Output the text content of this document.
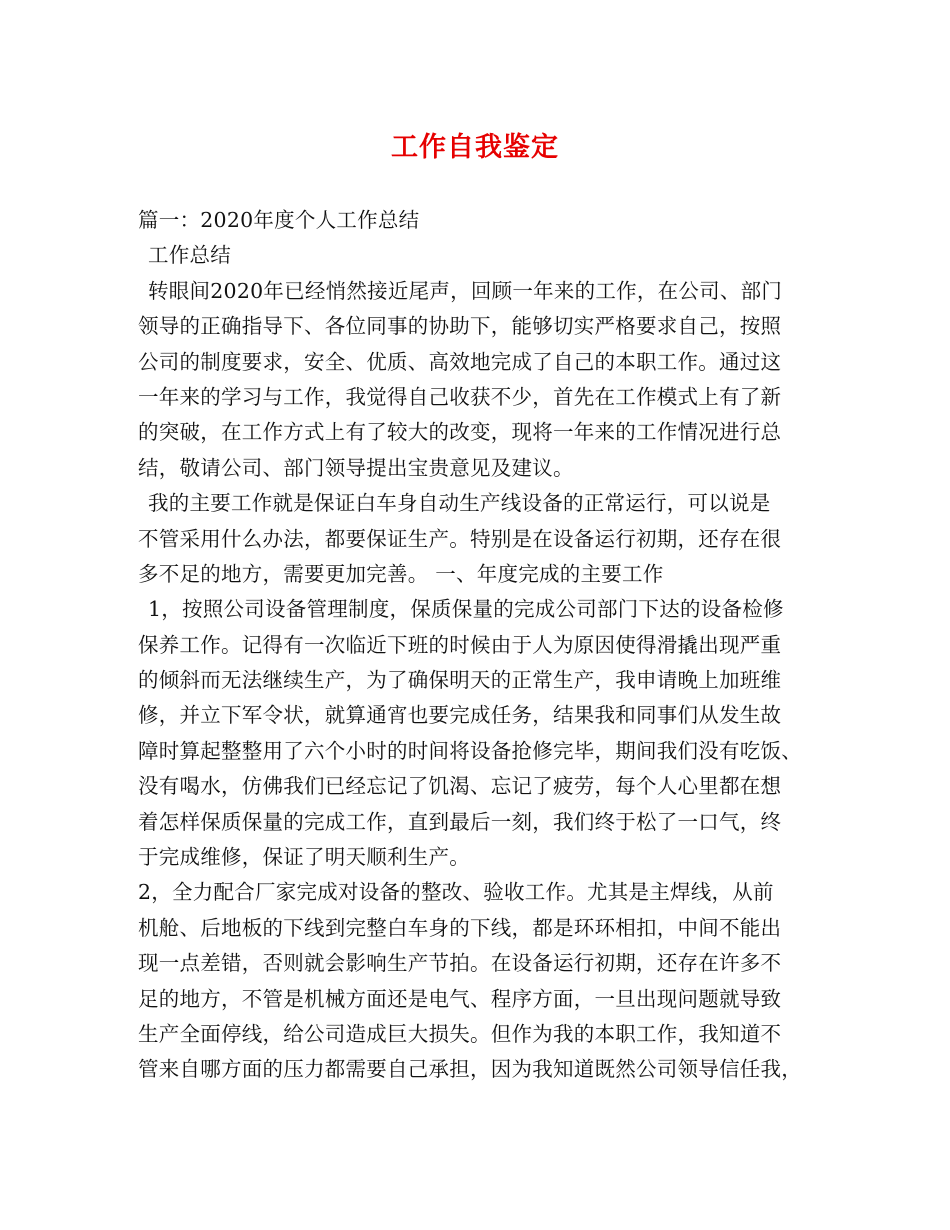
工作自我鉴定
篇一：2020年度个人工作总结
工作总结
转眼间2020年已经悄然接近尾声，回顾一年来的工作，在公司、部门
领导的正确指导下、各位同事的协助下，能够切实严格要求自己，按照
公司的制度要求，安全、优质、高效地完成了自己的本职工作。通过这
一年来的学习与工作，我觉得自己收获不少，首先在工作模式上有了新
的突破，在工作方式上有了较大的改变，现将一年来的工作情况进行总
结，敬请公司、部门领导提出宝贵意见及建议。
我的主要工作就是保证白车身自动生产线设备的正常运行，可以说是
不管采用什么办法，都要保证生产。特别是在设备运行初期，还存在很
多不足的地方，需要更加完善。 一、年度完成的主要工作
1，按照公司设备管理制度，保质保量的完成公司部门下达的设备检修
保养工作。记得有一次临近下班的时候由于人为原因使得滑撬出现严重
的倾斜而无法继续生产，为了确保明天的正常生产，我申请晚上加班维
修，并立下军令状，就算通宵也要完成任务，结果我和同事们从发生故
障时算起整整用了六个小时的时间将设备抢修完毕，期间我们没有吃饭、
没有喝水，仿佛我们已经忘记了饥渴、忘记了疲劳，每个人心里都在想
着怎样保质保量的完成工作，直到最后一刻，我们终于松了一口气，终
于完成维修，保证了明天顺利生产。
2，全力配合厂家完成对设备的整改、验收工作。尤其是主焊线，从前
机舱、后地板的下线到完整白车身的下线，都是环环相扣，中间不能出
现一点差错，否则就会影响生产节拍。在设备运行初期，还存在许多不
足的地方，不管是机械方面还是电气、程序方面，一旦出现问题就导致
生产全面停线，给公司造成巨大损失。但作为我的本职工作，我知道不
管来自哪方面的压力都需要自己承担，因为我知道既然公司领导信任我，
